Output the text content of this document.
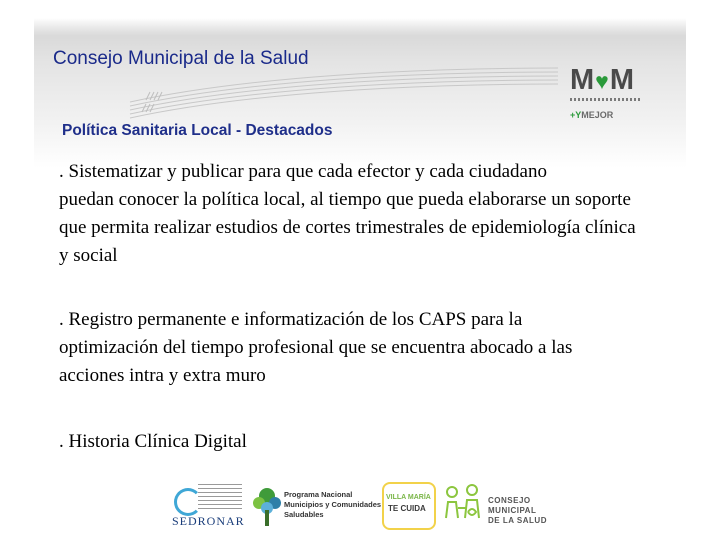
Consejo Municipal de la Salud
Política Sanitaria Local - Destacados
M♥M
+YMEJOR

. Sistematizar y publicar para que cada efector y cada ciudadano
puedan conocer la política local, al tiempo que pueda elaborarse un soporte
que permita realizar estudios de cortes trimestrales de epidemiología clínica
y social

. Registro permanente e informatización de los CAPS para la
optimización del tiempo profesional que se encuentra abocado a las
acciones intra y extra muro

. Historia Clínica Digital

SEDRONAR
Programa Nacional
Municipios y Comunidades
Saludables
VILLA MARÍA
TE CUIDA
CONSEJO
MUNICIPAL
DE LA SALUD
